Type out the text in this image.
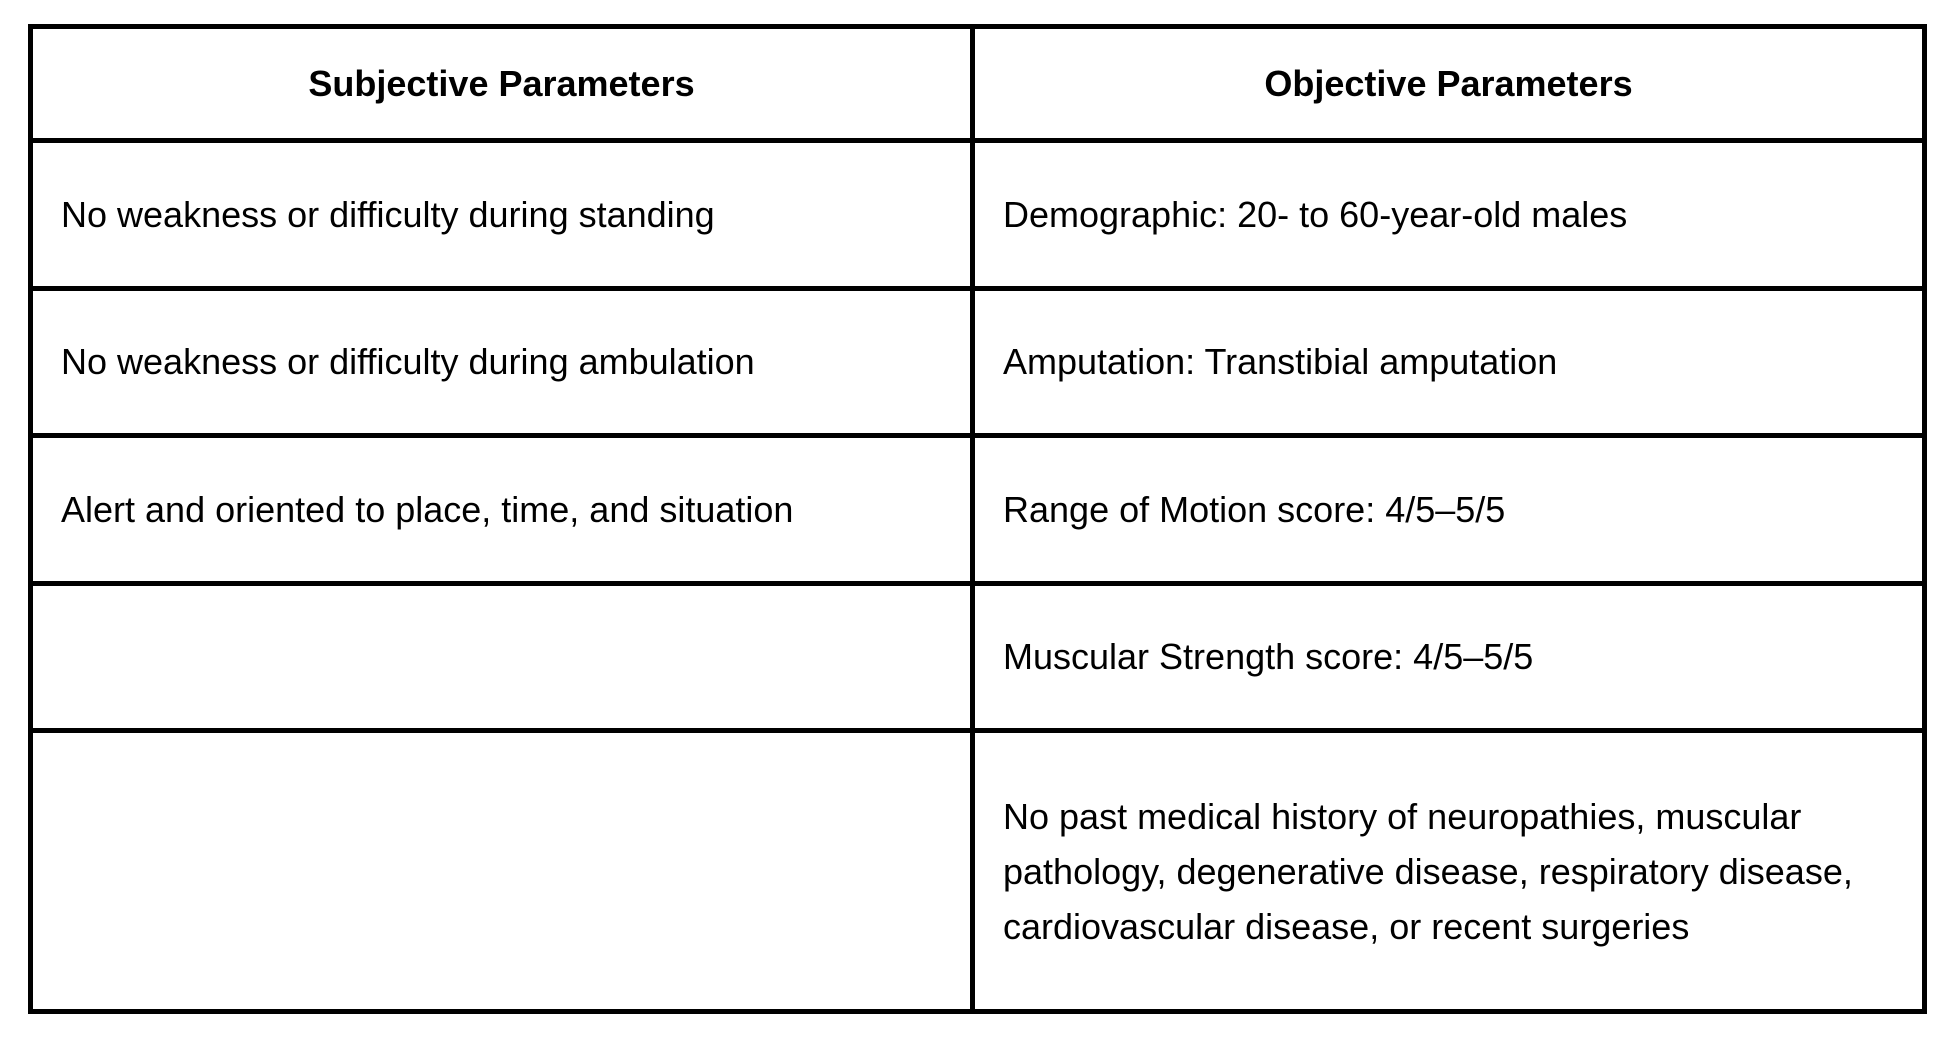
Subjective Parameters	Objective Parameters
No weakness or difficulty during standing	Demographic: 20- to 60-year-old males
No weakness or difficulty during ambulation	Amputation: Transtibial amputation
Alert and oriented to place, time, and situation	Range of Motion score: 4/5–5/5
	Muscular Strength score: 4/5–5/5
	No past medical history of neuropathies, muscular pathology, degenerative disease, respiratory disease, cardiovascular disease, or recent surgeries
